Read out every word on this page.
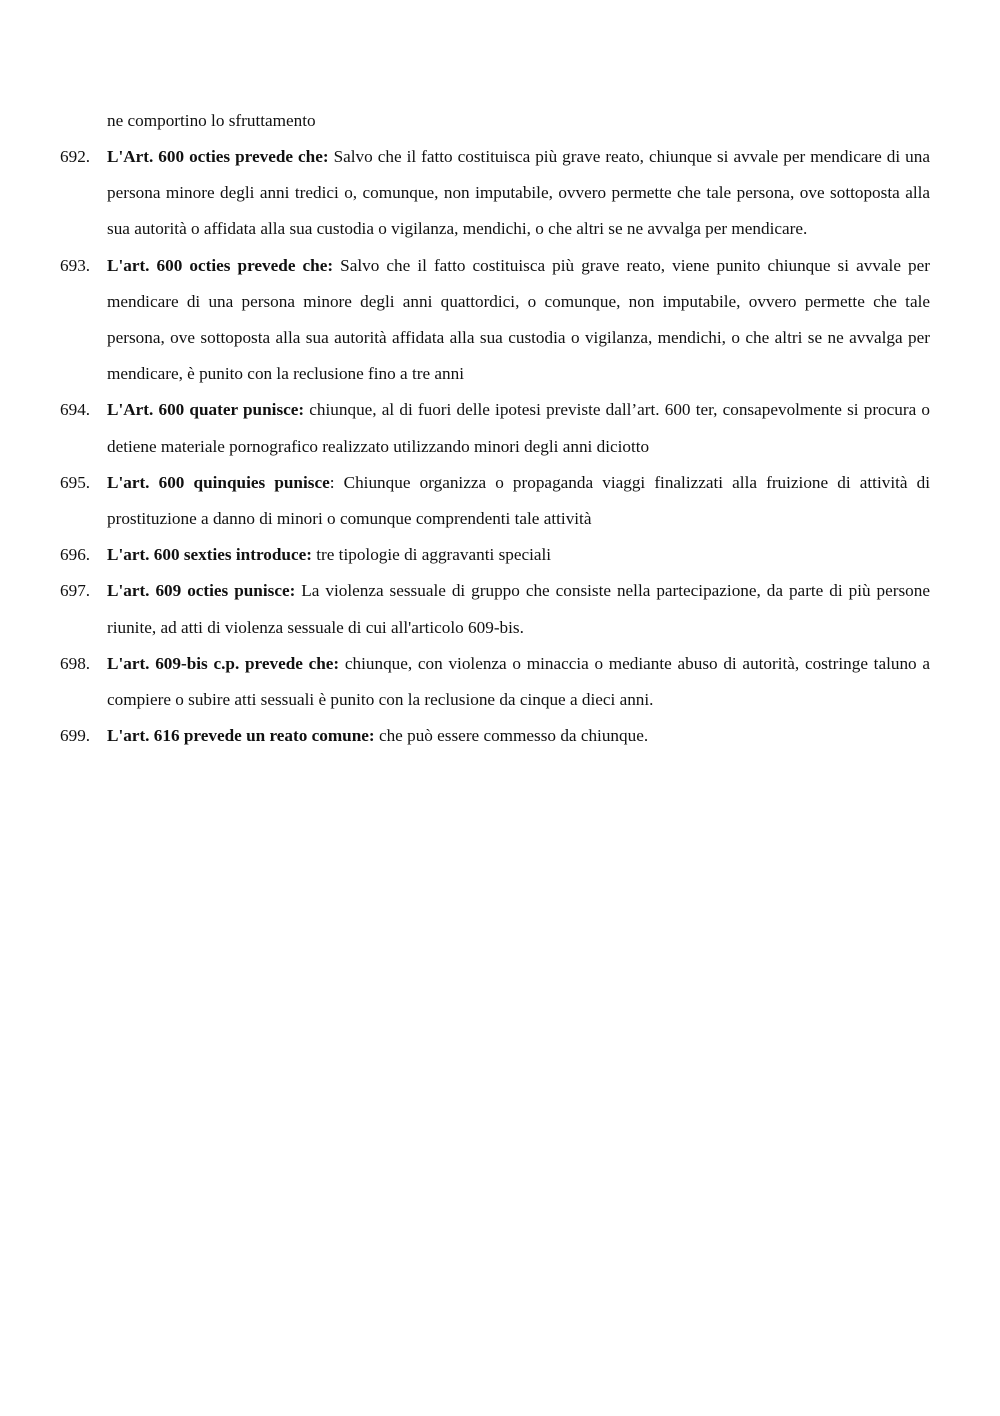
ne comportino lo sfruttamento
692. L'Art. 600 octies prevede che: Salvo che il fatto costituisca più grave reato, chiunque si avvale per mendicare di una persona minore degli anni tredici o, comunque, non imputabile, ovvero permette che tale persona, ove sottoposta alla sua autorità o affidata alla sua custodia o vigilanza, mendichi, o che altri se ne avvalga per mendicare.
693. L'art. 600 octies prevede che: Salvo che il fatto costituisca più grave reato, viene punito chiunque si avvale per mendicare di una persona minore degli anni quattordici, o comunque, non imputabile, ovvero permette che tale persona, ove sottoposta alla sua autorità affidata alla sua custodia o vigilanza, mendichi, o che altri se ne avvalga per mendicare, è punito con la reclusione fino a tre anni
694. L'Art. 600 quater punisce: chiunque, al di fuori delle ipotesi previste dall’art. 600 ter, consapevolmente si procura o detiene materiale pornografico realizzato utilizzando minori degli anni diciotto
695. L'art. 600 quinquies punisce: Chiunque organizza o propaganda viaggi finalizzati alla fruizione di attività di prostituzione a danno di minori o comunque comprendenti tale attività
696. L'art. 600 sexties introduce: tre tipologie di aggravanti speciali
697. L'art. 609 octies punisce: La violenza sessuale di gruppo che consiste nella partecipazione, da parte di più persone riunite, ad atti di violenza sessuale di cui all'articolo 609-bis.
698. L'art. 609-bis c.p. prevede che: chiunque, con violenza o minaccia o mediante abuso di autorità, costringe taluno a compiere o subire atti sessuali è punito con la reclusione da cinque a dieci anni.
699. L'art. 616 prevede un reato comune: che può essere commesso da chiunque.
